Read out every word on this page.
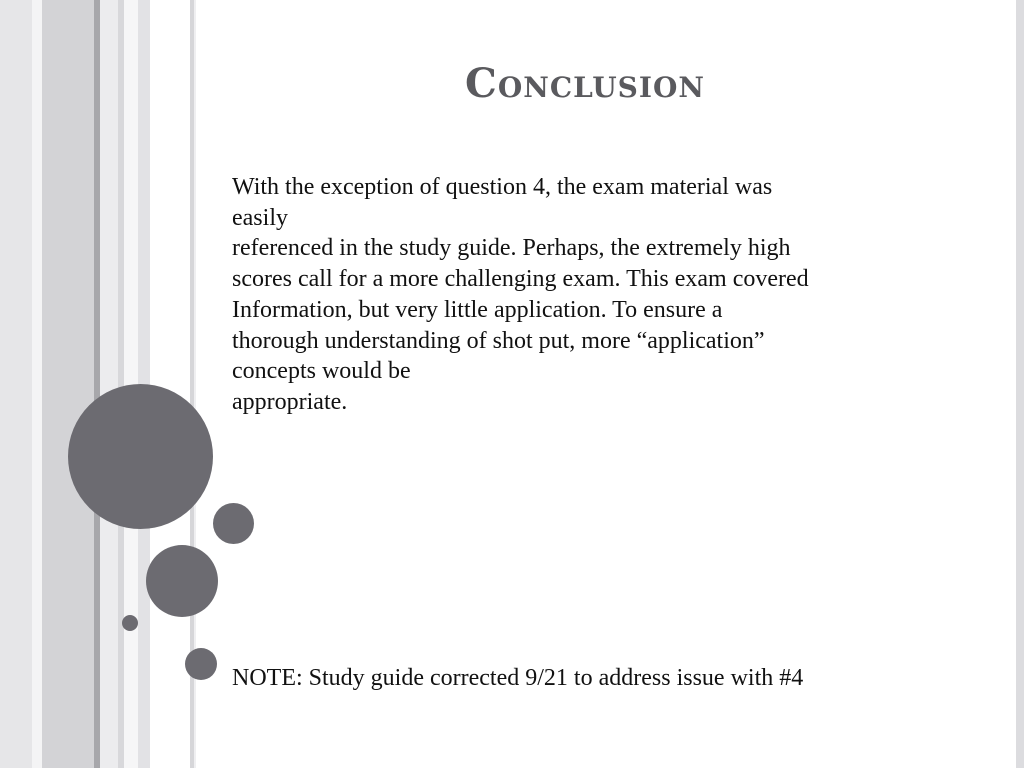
Conclusion
With the exception of question 4, the exam material was
easily
referenced in the study guide. Perhaps, the extremely high
scores call for a more challenging exam. This exam covered
Information, but very little application. To ensure a
thorough understanding of shot put, more “application”
concepts would be
appropriate.
NOTE: Study guide corrected 9/21 to address issue with #4
